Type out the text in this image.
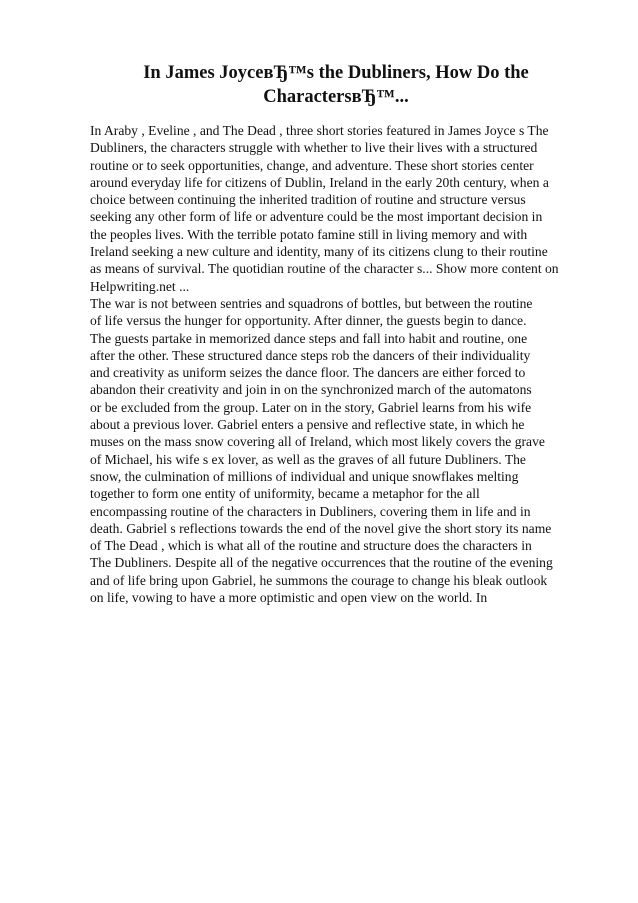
In James JoyceвЂ™s the Dubliners, How Do the
CharactersвЂ™...
In Araby , Eveline , and The Dead , three short stories featured in James Joyce s The
Dubliners, the characters struggle with whether to live their lives with a structured
routine or to seek opportunities, change, and adventure. These short stories center
around everyday life for citizens of Dublin, Ireland in the early 20th century, when a
choice between continuing the inherited tradition of routine and structure versus
seeking any other form of life or adventure could be the most important decision in
the peoples lives. With the terrible potato famine still in living memory and with
Ireland seeking a new culture and identity, many of its citizens clung to their routine
as means of survival. The quotidian routine of the character s... Show more content on
Helpwriting.net ...
The war is not between sentries and squadrons of bottles, but between the routine
of life versus the hunger for opportunity. After dinner, the guests begin to dance.
The guests partake in memorized dance steps and fall into habit and routine, one
after the other. These structured dance steps rob the dancers of their individuality
and creativity as uniform seizes the dance floor. The dancers are either forced to
abandon their creativity and join in on the synchronized march of the automatons
or be excluded from the group. Later on in the story, Gabriel learns from his wife
about a previous lover. Gabriel enters a pensive and reflective state, in which he
muses on the mass snow covering all of Ireland, which most likely covers the grave
of Michael, his wife s ex lover, as well as the graves of all future Dubliners. The
snow, the culmination of millions of individual and unique snowflakes melting
together to form one entity of uniformity, became a metaphor for the all
encompassing routine of the characters in Dubliners, covering them in life and in
death. Gabriel s reflections towards the end of the novel give the short story its name
of The Dead , which is what all of the routine and structure does the characters in
The Dubliners. Despite all of the negative occurrences that the routine of the evening
and of life bring upon Gabriel, he summons the courage to change his bleak outlook
on life, vowing to have a more optimistic and open view on the world. In
